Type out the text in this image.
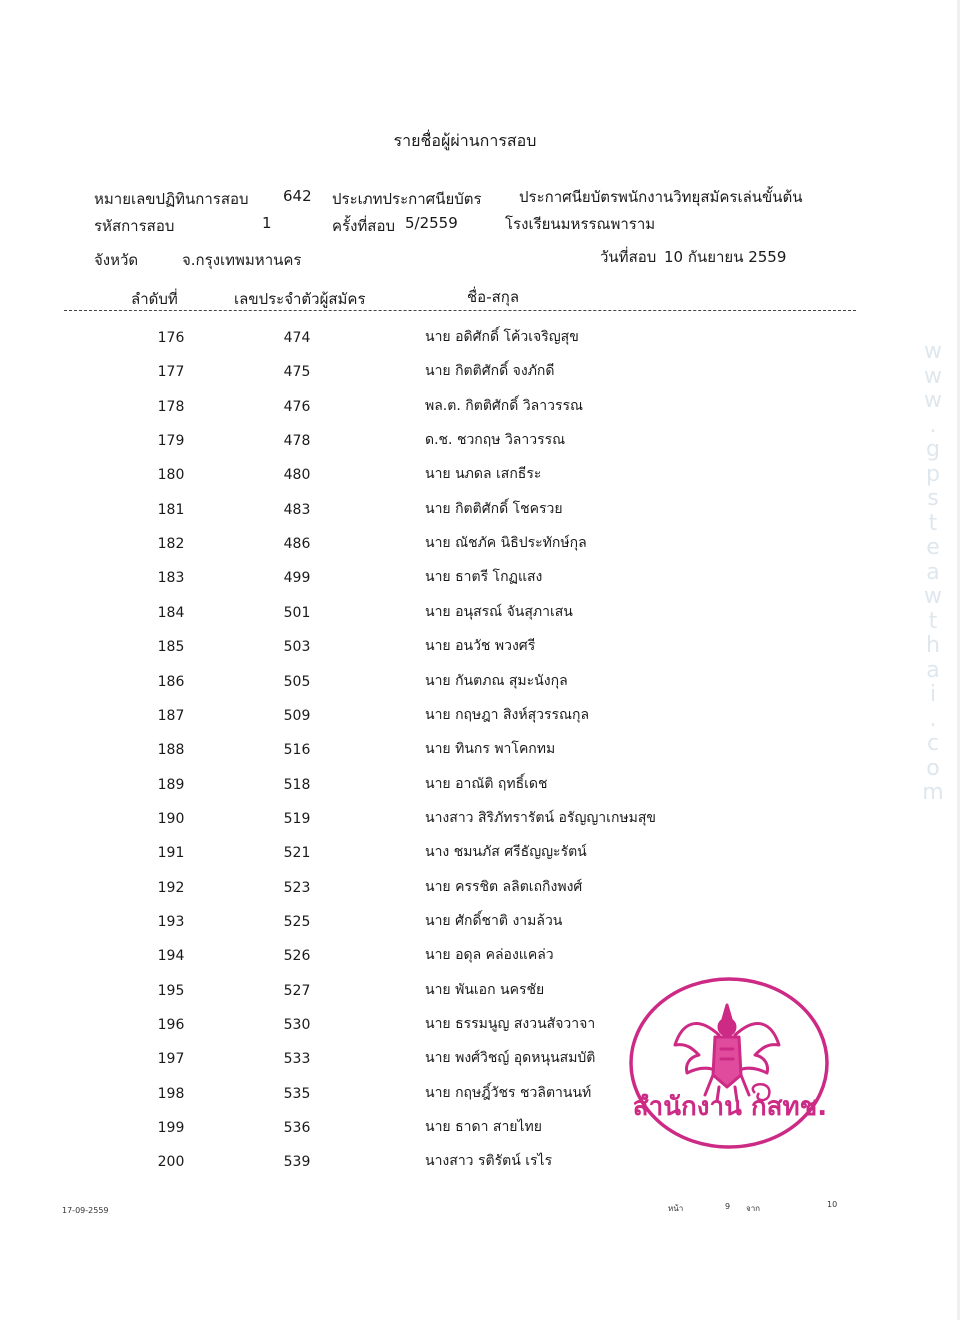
รายชื่อผู้ผ่านการสอบ
หมายเลขปฏิทินการสอบ 642 ประเภทประกาศนียบัตร ประกาศนียบัตรพนักงานวิทยุสมัครเล่นขั้นต้น
รหัสการสอบ	1	ครั้งที่สอบ 5/2559	โรงเรียนมหรรณพาราม
จังหวัด	จ.กรุงเทพมหานคร	วันที่สอบ 10 กันยายน 2559
ลำดับที่	เลขประจำตัวผู้สมัคร	ชื่อ-สกุล
176	474	นาย อดิศักดิ์ โค้วเจริญสุข
177	475	นาย กิตติศักดิ์ จงภักดี
178	476	พล.ต. กิตติศักดิ์ วิลาวรรณ
179	478	ด.ช. ชวกฤษ วิลาวรรณ
180	480	นาย นภดล เสกธีระ
181	483	นาย กิตติศักดิ์ โชครวย
182	486	นาย ณัชภัค นิธิประทักษ์กุล
183	499	นาย ธาตรี โกฏแสง
184	501	นาย อนุสรณ์ จันสุภาเสน
185	503	นาย อนวัช พวงศรี
186	505	นาย กันตภณ สุมะนังกุล
187	509	นาย กฤษฎา สิงห์สุวรรณกุล
188	516	นาย ทินกร พาโคกทม
189	518	นาย อาณัติ ฤทธิ์เดช
190	519	นางสาว สิริภัทรารัตน์ อรัญญาเกษมสุข
191	521	นาง ชมนภัส ศรีธัญญะรัตน์
192	523	นาย ครรชิต ลลิตเถกิงพงศ์
193	525	นาย ศักดิ์ชาติ งามล้วน
194	526	นาย อดุล คล่องแคล่ว
195	527	นาย พันเอก นครชัย
196	530	นาย ธรรมนูญ สงวนสัจวาจา
197	533	นาย พงศ์วิชญ์ อุดหนุนสมบัติ
198	535	นาย กฤษฎิ์วัชร ชวลิตานนท์
199	536	นาย ธาดา สายไทย
200	539	นางสาว รติรัตน์ เรไร
สำนักงาน กสทช.
w
w
w
.
g
p
s
t
e
a
w
t
h
a
i
.
c
o
m
17-09-2559	หน้า	9 จาก	10
